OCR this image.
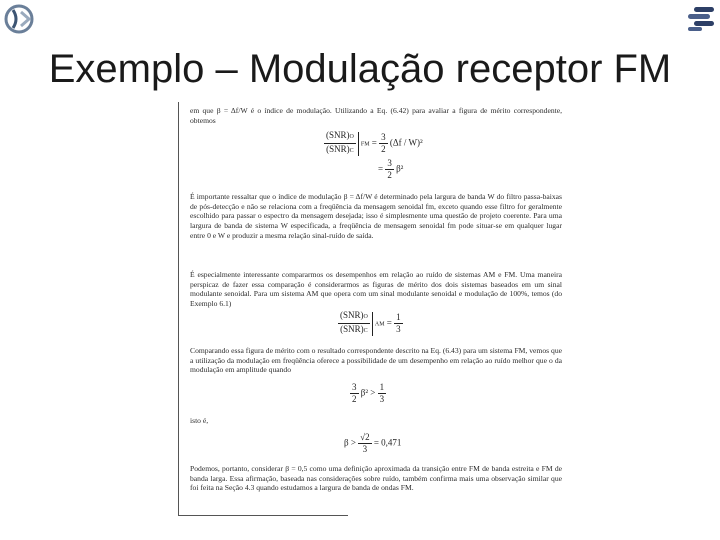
Exemplo – Modulação receptor FM

em que β = Δf/W é o índice de modulação. Utilizando a Eq. (6.42) para avaliar a figura de mérito correspondente, obtemos

$\frac{\text{(SNR)O}}{\text{(SNR)C}}$ FM = $\frac{3}{2} (\Delta f / W)^2$
= $\frac{3}{2} \beta^2$

É importante ressaltar que o índice de modulação β = Δf/W é determinado pela largura de banda W do filtro passa-baixas de pós-detecção e não se relaciona com a freqüência da mensagem senoidal fm, exceto quando esse filtro for geralmente escolhido para passar o espectro da mensagem desejada; isso é simplesmente uma questão de projeto coerente. Para uma largura de banda de sistema W especificada, a freqüência de mensagem senoidal fm pode situar-se em qualquer lugar entre 0 e W e produzir a mesma relação sinal-ruído de saída.

É especialmente interessante compararmos os desempenhos em relação ao ruído de sistemas AM e FM. Uma maneira perspicaz de fazer essa comparação é considerarmos as figuras de mérito dos dois sistemas baseados em um sinal modulante senoidal. Para um sistema AM que opera com um sinal modulante senoidal e modulação de 100%, temos (do Exemplo 6.1)

$\frac{\text{(SNR)O}}{\text{(SNR)C}}$ AM = $\frac{1}{3}$

Comparando essa figura de mérito com o resultado correspondente descrito na Eq. (6.43) para um sistema FM, vemos que a utilização da modulação em freqüência oferece a possibilidade de um desempenho em relação ao ruído melhor que o da modulação em amplitude quando

$\frac{3}{2} \beta^2 > \frac{1}{3}$

isto é,

$\beta > \frac{√2}{3} = 0,471$

Podemos, portanto, considerar β = 0,5 como uma definição aproximada da transição entre FM de banda estreita e FM de banda larga. Essa afirmação, baseada nas considerações sobre ruído, também confirma mais uma observação similar que foi feita na Seção 4.3 quando estudamos a largura de banda de ondas FM.
